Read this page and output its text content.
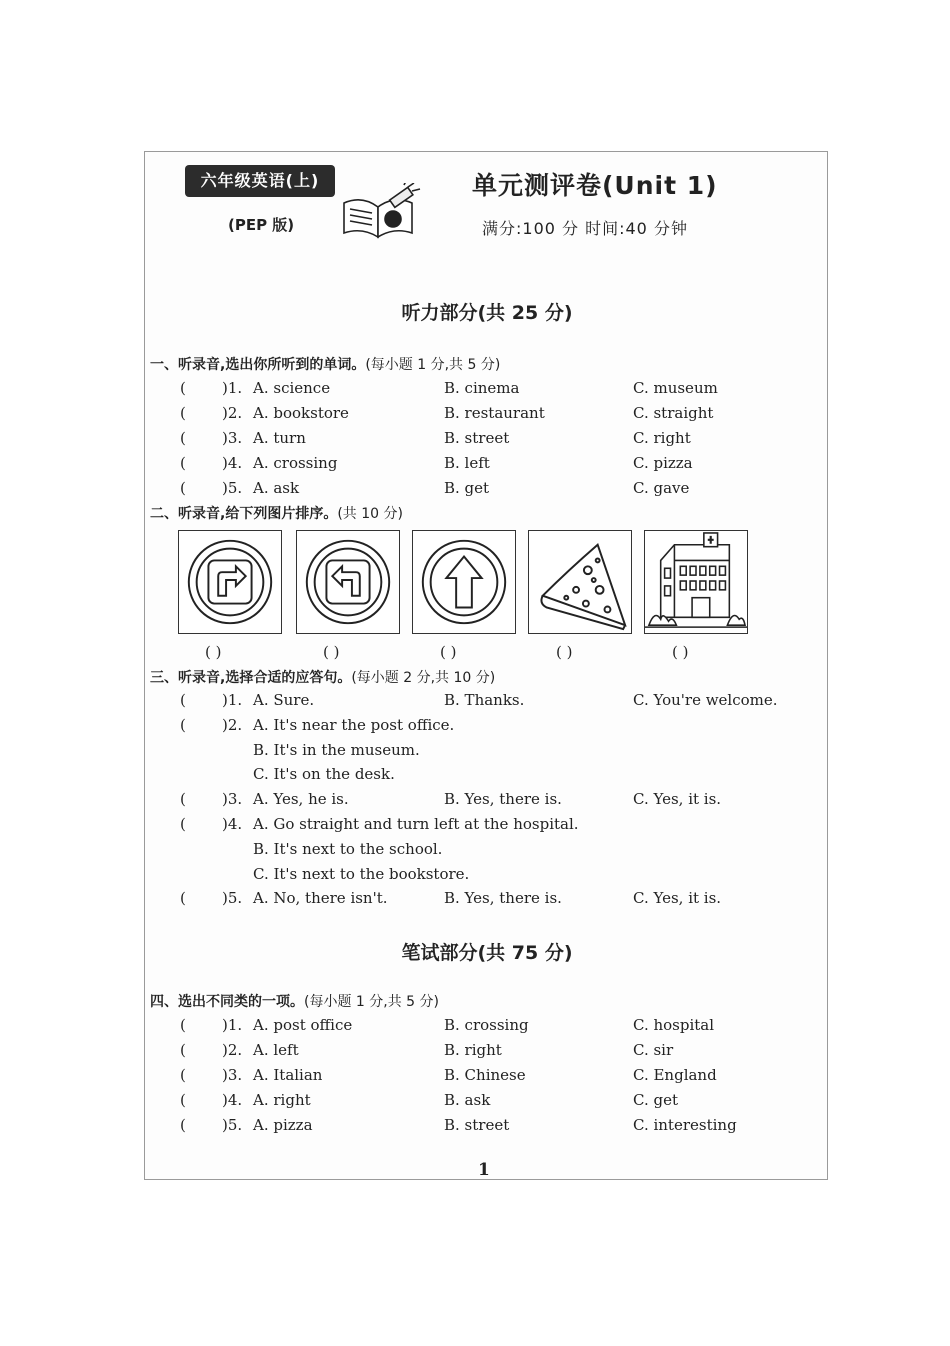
六年级英语(上)
(PEP 版)
单元测评卷(Unit 1)
满分:100 分 时间:40 分钟
听力部分(共 25 分)
一、听录音,选出你所听到的单词。(每小题 1 分,共 5 分)
( )1. A. science	B. cinema	C. museum
( )2. A. bookstore	B. restaurant	C. straight
( )3. A. turn	B. street	C. right
( )4. A. crossing	B. left	C. pizza
( )5. A. ask	B. get	C. gave
二、听录音,给下列图片排序。(共 10 分)
( )	( )	( )	( )	( )
三、听录音,选择合适的应答句。(每小题 2 分,共 10 分)
( )1. A. Sure.	B. Thanks.	C. You're welcome.
( )2. A. It's near the post office.
B. It's in the museum.
C. It's on the desk.
( )3. A. Yes, he is.	B. Yes, there is.	C. Yes, it is.
( )4. A. Go straight and turn left at the hospital.
B. It's next to the school.
C. It's next to the bookstore.
( )5. A. No, there isn't.	B. Yes, there is.	C. Yes, it is.
笔试部分(共 75 分)
四、选出不同类的一项。(每小题 1 分,共 5 分)
( )1. A. post office	B. crossing	C. hospital
( )2. A. left	B. right	C. sir
( )3. A. Italian	B. Chinese	C. England
( )4. A. right	B. ask	C. get
( )5. A. pizza	B. street	C. interesting
1
